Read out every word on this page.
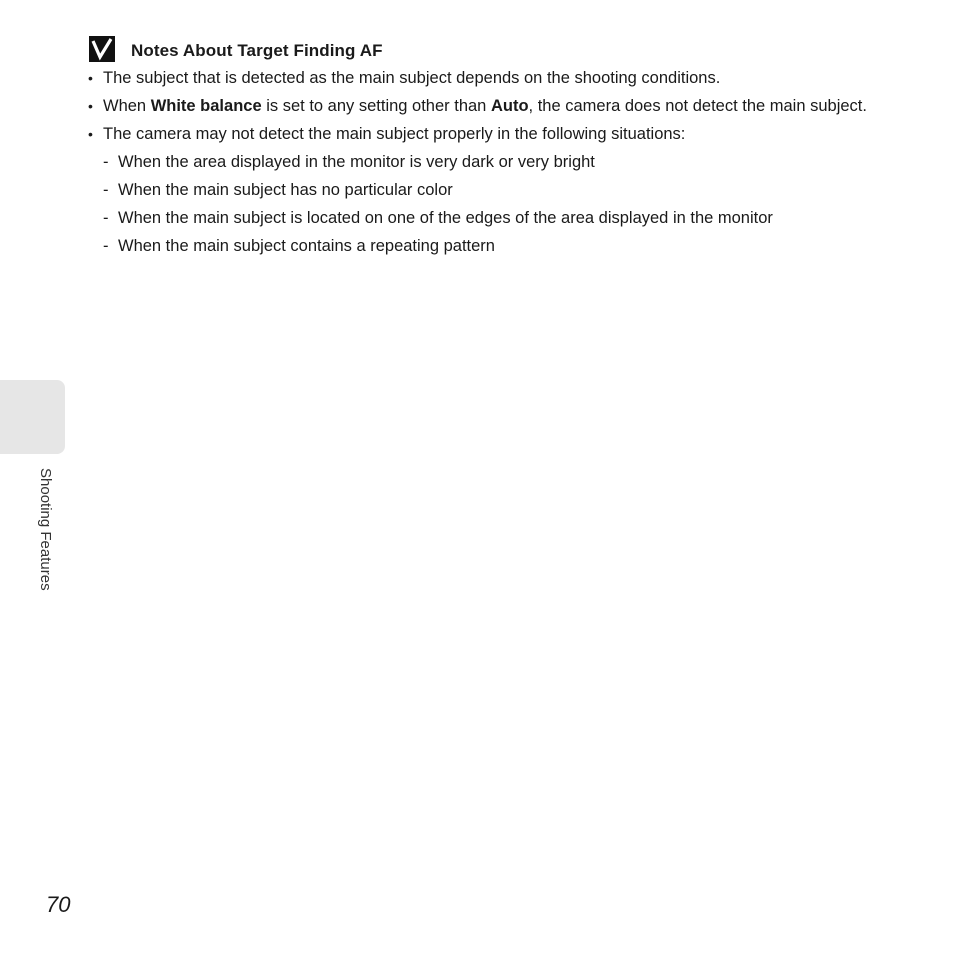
Notes About Target Finding AF
• The subject that is detected as the main subject depends on the shooting conditions.
• When White balance is set to any setting other than Auto, the camera does not detect the main subject.
• The camera may not detect the main subject properly in the following situations:
- When the area displayed in the monitor is very dark or very bright
- When the main subject has no particular color
- When the main subject is located on one of the edges of the area displayed in the monitor
- When the main subject contains a repeating pattern
Shooting Features
70
